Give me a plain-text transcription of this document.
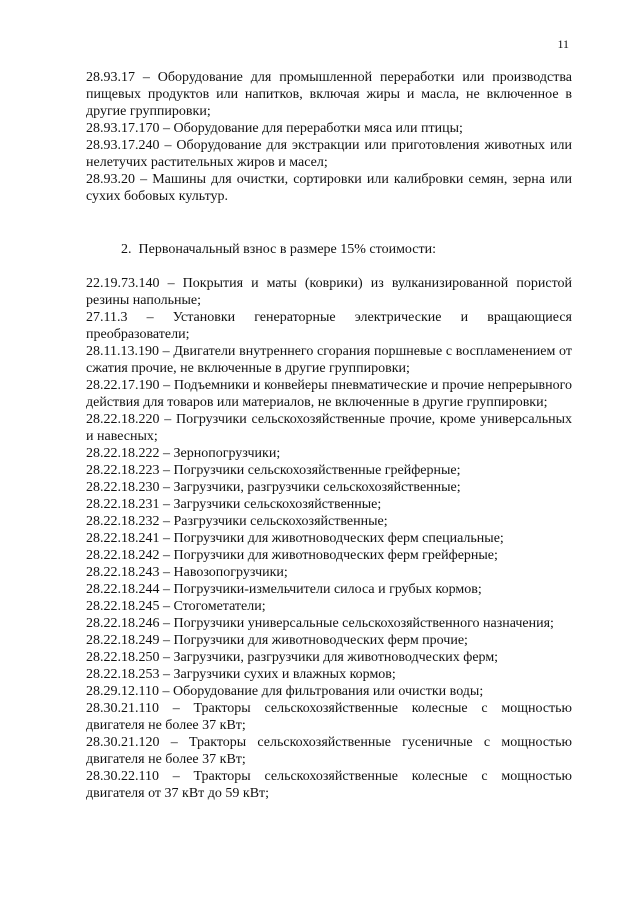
11

28.93.17 – Оборудование для промышленной переработки или производства пищевых продуктов или напитков, включая жиры и масла, не включенное в другие группировки;

28.93.17.170 – Оборудование для переработки мяса или птицы;

28.93.17.240 – Оборудование для экстракции или приготовления животных или нелетучих растительных жиров и масел;

28.93.20 – Машины для очистки, сортировки или калибровки семян, зерна или сухих бобовых культур.

2. Первоначальный взнос в размере 15% стоимости:

22.19.73.140 – Покрытия и маты (коврики) из вулканизированной пористой резины напольные;

27.11.3 – Установки генераторные электрические и вращающиеся преобразователи;

28.11.13.190 – Двигатели внутреннего сгорания поршневые с воспламенением от сжатия прочие, не включенные в другие группировки;

28.22.17.190 – Подъемники и конвейеры пневматические и прочие непрерывного действия для товаров или материалов, не включенные в другие группировки;

28.22.18.220 – Погрузчики сельскохозяйственные прочие, кроме универсальных и навесных;

28.22.18.222 – Зернопогрузчики;

28.22.18.223 – Погрузчики сельскохозяйственные грейферные;

28.22.18.230 – Загрузчики, разгрузчики сельскохозяйственные;

28.22.18.231 – Загрузчики сельскохозяйственные;

28.22.18.232 – Разгрузчики сельскохозяйственные;

28.22.18.241 – Погрузчики для животноводческих ферм специальные;

28.22.18.242 – Погрузчики для животноводческих ферм грейферные;

28.22.18.243 – Навозопогрузчики;

28.22.18.244 – Погрузчики-измельчители силоса и грубых кормов;

28.22.18.245 – Стогометатели;

28.22.18.246 – Погрузчики универсальные сельскохозяйственного назначения;

28.22.18.249 – Погрузчики для животноводческих ферм прочие;

28.22.18.250 – Загрузчики, разгрузчики для животноводческих ферм;

28.22.18.253 – Загрузчики сухих и влажных кормов;

28.29.12.110 – Оборудование для фильтрования или очистки воды;

28.30.21.110 – Тракторы сельскохозяйственные колесные с мощностью двигателя не более 37 кВт;

28.30.21.120 – Тракторы сельскохозяйственные гусеничные с мощностью двигателя не более 37 кВт;

28.30.22.110 – Тракторы сельскохозяйственные колесные с мощностью двигателя от 37 кВт до 59 кВт;
